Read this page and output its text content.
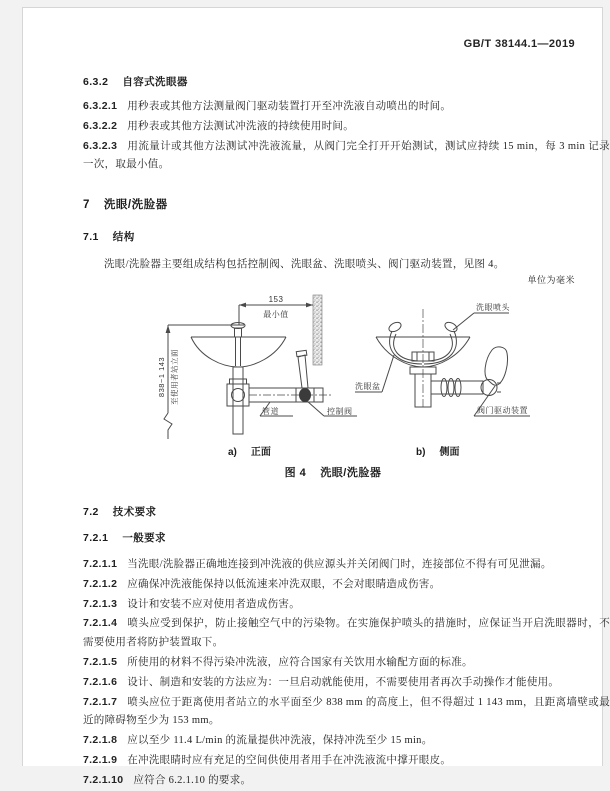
GB/T 38144.1—2019
6.3.2 自容式洗眼器
6.3.2.1 用秒表或其他方法测量阀门驱动装置打开至冲洗液自动喷出的时间。
6.3.2.2 用秒表或其他方法测试冲洗液的持续使用时间。
6.3.2.3 用流量计或其他方法测试冲洗液流量，从阀门完全打开开始测试，测试应持续 15 min，每 3 min 记录一次，取最小值。
7 洗眼/洗脸器
7.1 结构
洗眼/洗脸器主要组成结构包括控制阀、洗眼盆、洗眼喷头、阀门驱动装置，见图 4。
单位为毫米
153
最小值
838~1 143 至使用者站立面
管道	控制阀
洗眼喷头
洗眼盆
阀门驱动装置
a) 正面	b) 侧面
图 4 洗眼/洗脸器
7.2 技术要求
7.2.1 一般要求
7.2.1.1 当洗眼/洗脸器正确地连接到冲洗液的供应源头并关闭阀门时，连接部位不得有可见泄漏。
7.2.1.2 应确保冲洗液能保持以低流速来冲洗双眼，不会对眼睛造成伤害。
7.2.1.3 设计和安装不应对使用者造成伤害。
7.2.1.4 喷头应受到保护，防止接触空气中的污染物。在实施保护喷头的措施时，应保证当开启洗眼器时，不需要使用者将防护装置取下。
7.2.1.5 所使用的材料不得污染冲洗液，应符合国家有关饮用水输配方面的标准。
7.2.1.6 设计、制造和安装的方法应为：一旦启动就能使用，不需要使用者再次手动操作才能使用。
7.2.1.7 喷头应位于距离使用者站立的水平面至少 838 mm 的高度上，但不得超过 1 143 mm，且距离墙壁或最近的障碍物至少为 153 mm。
7.2.1.8 应以至少 11.4 L/min 的流量提供冲洗液，保持冲洗至少 15 min。
7.2.1.9 在冲洗眼睛时应有充足的空间供使用者用手在冲洗液流中撑开眼皮。
7.2.1.10 应符合 6.2.1.10 的要求。
